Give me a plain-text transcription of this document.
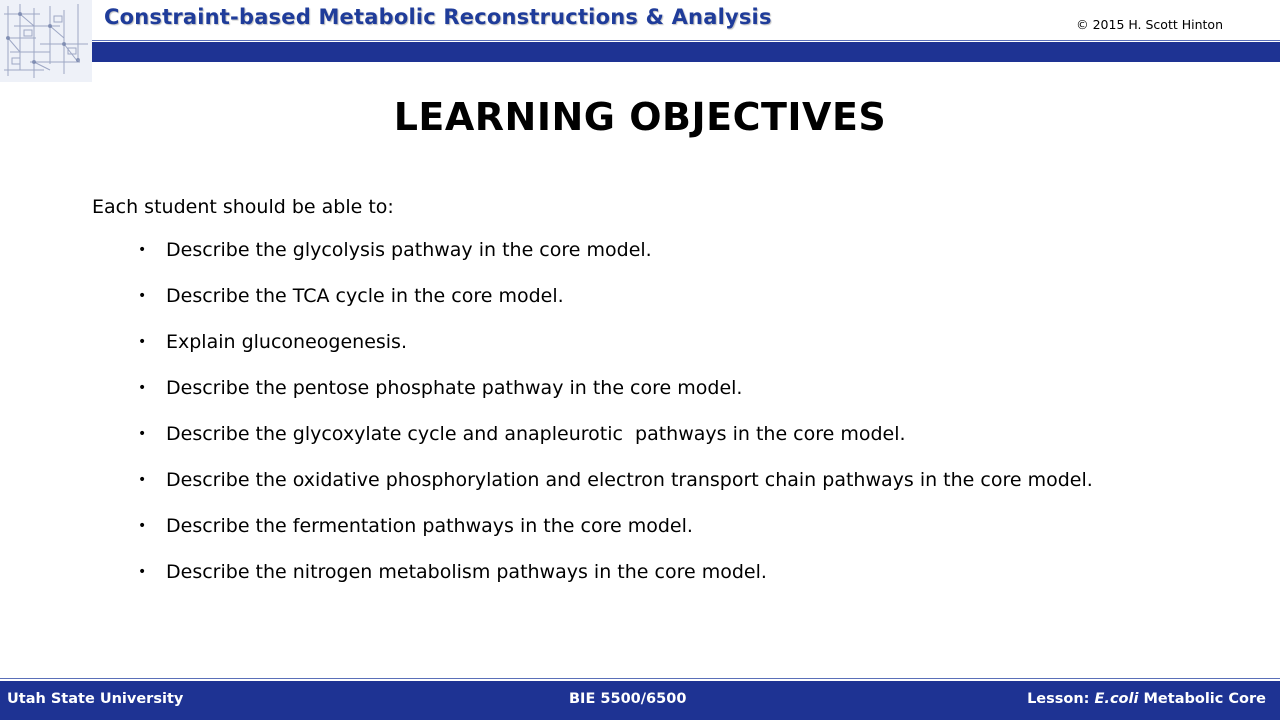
Constraint-based Metabolic Reconstructions & Analysis	© 2015 H. Scott Hinton
LEARNING OBJECTIVES
Each student should be able to:
• Describe the glycolysis pathway in the core model.
• Describe the TCA cycle in the core model.
• Explain gluconeogenesis.
• Describe the pentose phosphate pathway in the core model.
• Describe the glycoxylate cycle and anapleurotic  pathways in the core model.
• Describe the oxidative phosphorylation and electron transport chain pathways in the core model.
• Describe the fermentation pathways in the core model.
• Describe the nitrogen metabolism pathways in the core model.
Utah State University	BIE 5500/6500	Lesson: E.coli Metabolic Core
